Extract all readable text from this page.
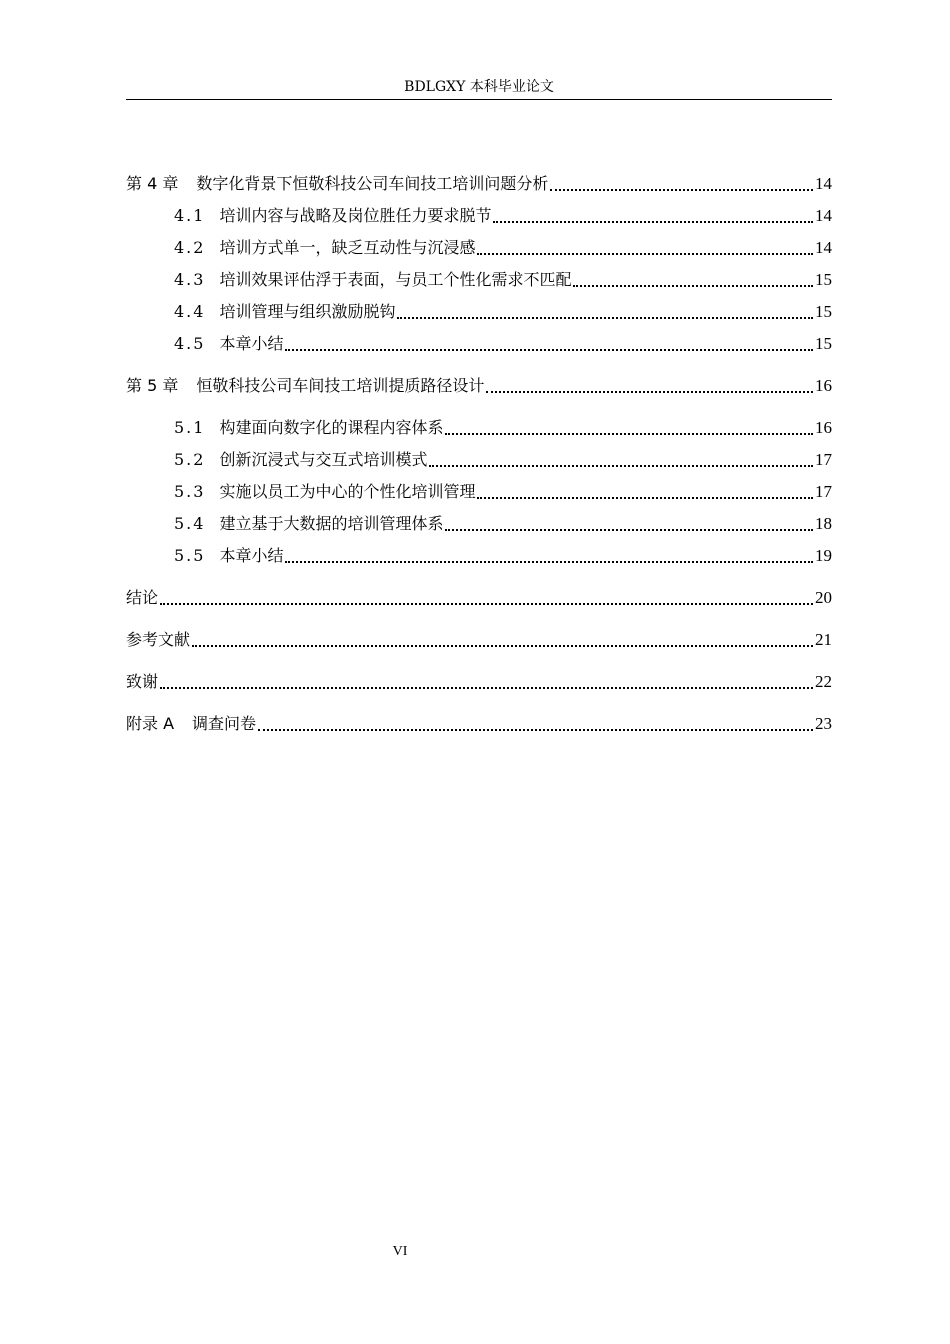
BDLGXY 本科毕业论文
第 4 章 数字化背景下恒敬科技公司车间技工培训问题分析	14
4.1 培训内容与战略及岗位胜任力要求脱节	14
4.2 培训方式单一，缺乏互动性与沉浸感	14
4.3 培训效果评估浮于表面，与员工个性化需求不匹配	15
4.4 培训管理与组织激励脱钩	15
4.5 本章小结	15
第 5 章 恒敬科技公司车间技工培训提质路径设计	16
5.1 构建面向数字化的课程内容体系	16
5.2 创新沉浸式与交互式培训模式	17
5.3 实施以员工为中心的个性化培训管理	17
5.4 建立基于大数据的培训管理体系	18
5.5 本章小结	19
结论	20
参考文献	21
致谢	22
附录 A 调查问卷	23
VI
